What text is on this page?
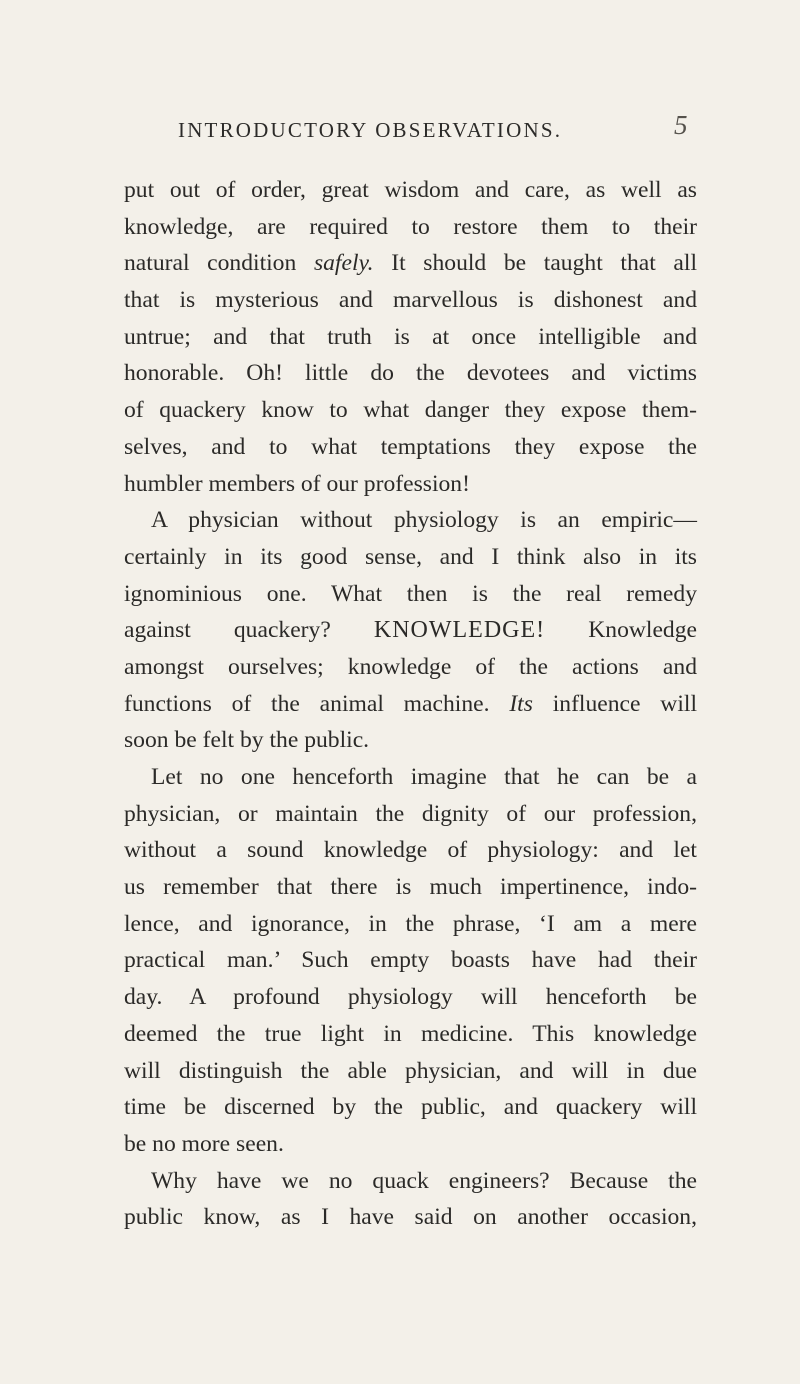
INTRODUCTORY OBSERVATIONS.	5
put out of order, great wisdom and care, as well as
knowledge, are required to restore them to their
natural condition safely. It should be taught that all
that is mysterious and marvellous is dishonest and
untrue; and that truth is at once intelligible and
honorable. Oh! little do the devotees and victims
of quackery know to what danger they expose them-
selves, and to what temptations they expose the
humbler members of our profession!
A physician without physiology is an empiric—
certainly in its good sense, and I think also in its
ignominious one. What then is the real remedy
against quackery? KNOWLEDGE! Knowledge
amongst ourselves; knowledge of the actions and
functions of the animal machine. Its influence will
soon be felt by the public.
Let no one henceforth imagine that he can be a
physician, or maintain the dignity of our profession,
without a sound knowledge of physiology: and let
us remember that there is much impertinence, indo-
lence, and ignorance, in the phrase, ‘I am a mere
practical man.’ Such empty boasts have had their
day. A profound physiology will henceforth be
deemed the true light in medicine. This knowledge
will distinguish the able physician, and will in due
time be discerned by the public, and quackery will
be no more seen.
Why have we no quack engineers? Because the
public know, as I have said on another occasion,
